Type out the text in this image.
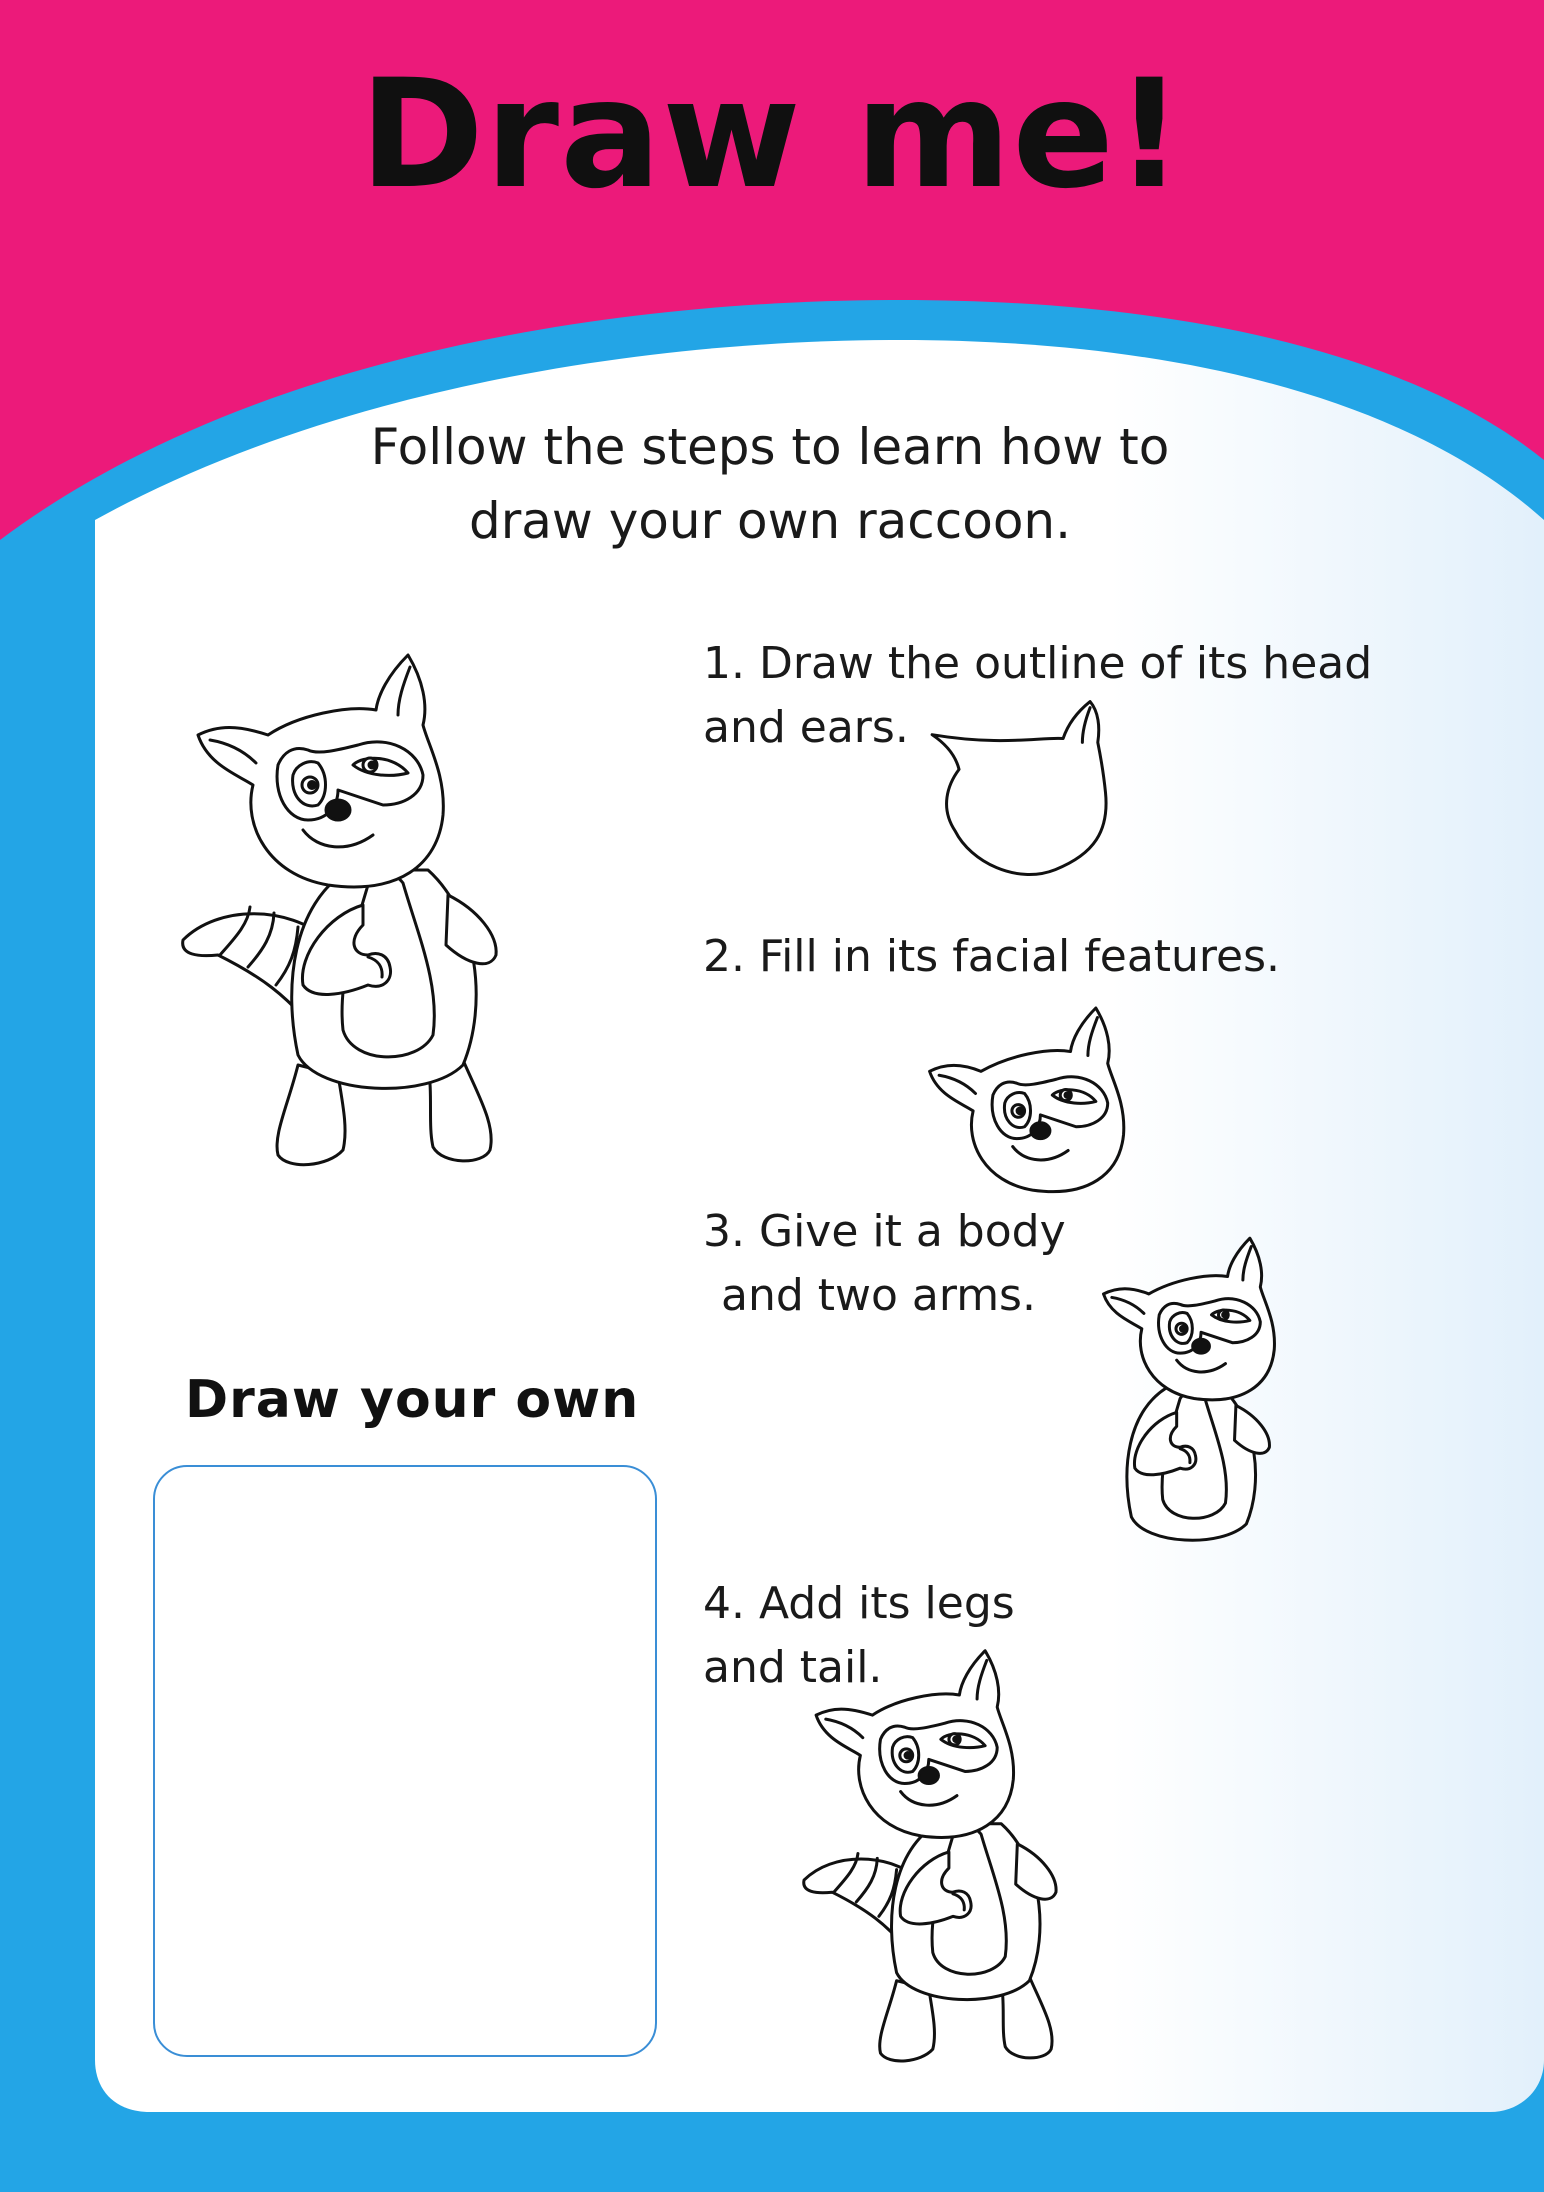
Draw me!
Follow the steps to learn how to
draw your own raccoon.
1. Draw the outline of its head
and ears.
2. Fill in its facial features.
3. Give it a body
and two arms.
4. Add its legs
and tail.
Draw your own
